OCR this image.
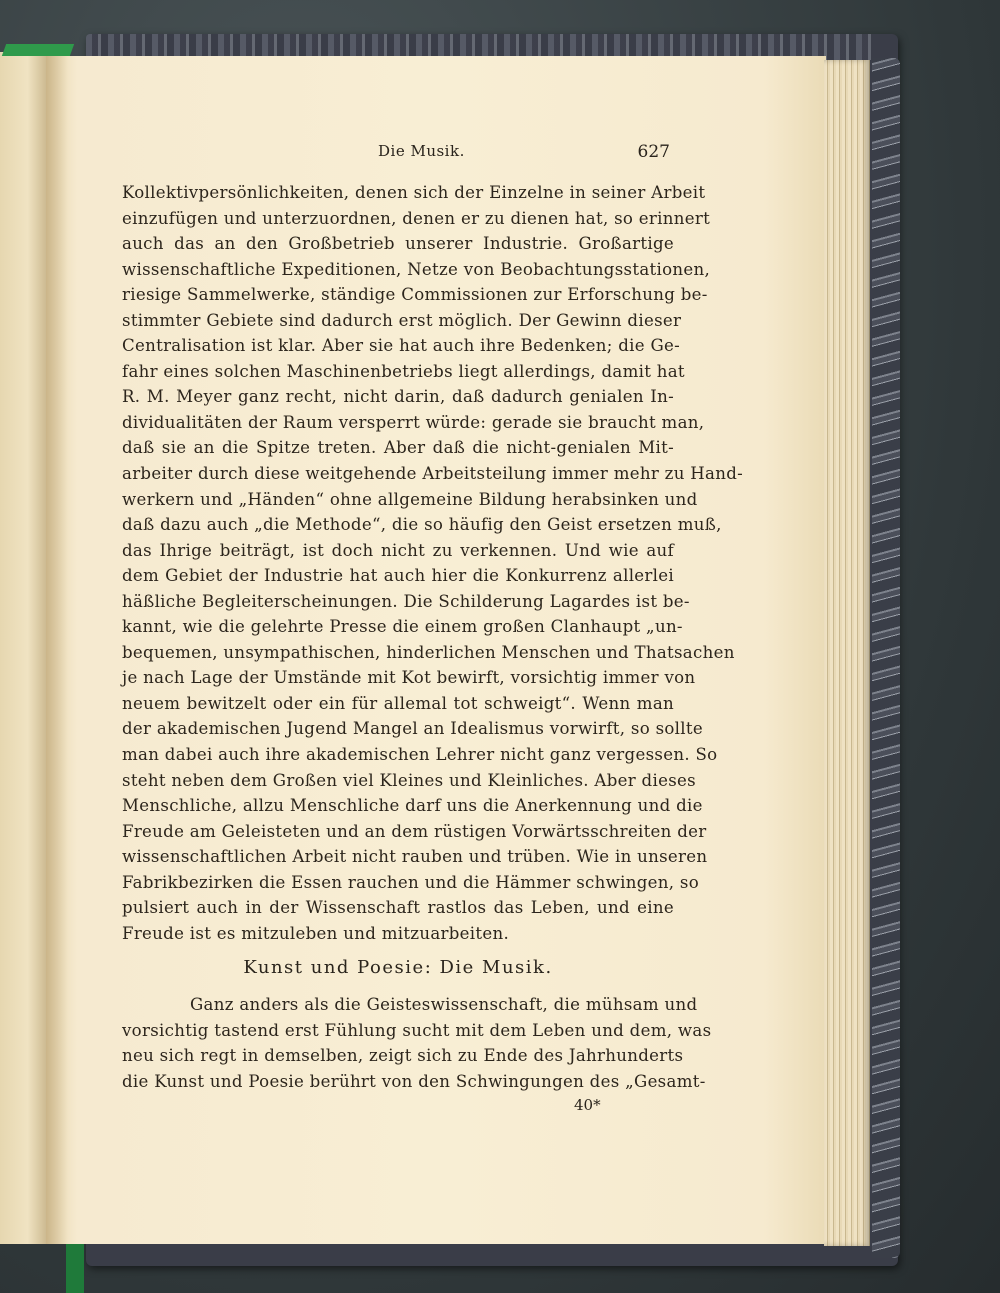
Die Musik.	627
Kollektivpersönlichkeiten, denen sich der Einzelne in seiner Arbeit
einzufügen und unterzuordnen, denen er zu dienen hat, so erinnert
auch das an den Großbetrieb unserer Industrie. Großartige
wissenschaftliche Expeditionen, Netze von Beobachtungsstationen,
riesige Sammelwerke, ständige Commissionen zur Erforschung be-
stimmter Gebiete sind dadurch erst möglich. Der Gewinn dieser
Centralisation ist klar. Aber sie hat auch ihre Bedenken; die Ge-
fahr eines solchen Maschinenbetriebs liegt allerdings, damit hat
R. M. Meyer ganz recht, nicht darin, daß dadurch genialen In-
dividualitäten der Raum versperrt würde: gerade sie braucht man,
daß sie an die Spitze treten. Aber daß die nicht-genialen Mit-
arbeiter durch diese weitgehende Arbeitsteilung immer mehr zu Hand-
werkern und „Händen“ ohne allgemeine Bildung herabsinken und
daß dazu auch „die Methode“, die so häufig den Geist ersetzen muß,
das Ihrige beiträgt, ist doch nicht zu verkennen. Und wie auf
dem Gebiet der Industrie hat auch hier die Konkurrenz allerlei
häßliche Begleiterscheinungen. Die Schilderung Lagardes ist be-
kannt, wie die gelehrte Presse die einem großen Clanhaupt „un-
bequemen, unsympathischen, hinderlichen Menschen und Thatsachen
je nach Lage der Umstände mit Kot bewirft, vorsichtig immer von
neuem bewitzelt oder ein für allemal tot schweigt“. Wenn man
der akademischen Jugend Mangel an Idealismus vorwirft, so sollte
man dabei auch ihre akademischen Lehrer nicht ganz vergessen. So
steht neben dem Großen viel Kleines und Kleinliches. Aber dieses
Menschliche, allzu Menschliche darf uns die Anerkennung und die
Freude am Geleisteten und an dem rüstigen Vorwärtsschreiten der
wissenschaftlichen Arbeit nicht rauben und trüben. Wie in unseren
Fabrikbezirken die Essen rauchen und die Hämmer schwingen, so
pulsiert auch in der Wissenschaft rastlos das Leben, und eine
Freude ist es mitzuleben und mitzuarbeiten.
Kunst und Poesie: Die Musik.
Ganz anders als die Geisteswissenschaft, die mühsam und
vorsichtig tastend erst Fühlung sucht mit dem Leben und dem, was
neu sich regt in demselben, zeigt sich zu Ende des Jahrhunderts
die Kunst und Poesie berührt von den Schwingungen des „Gesamt-
40*
